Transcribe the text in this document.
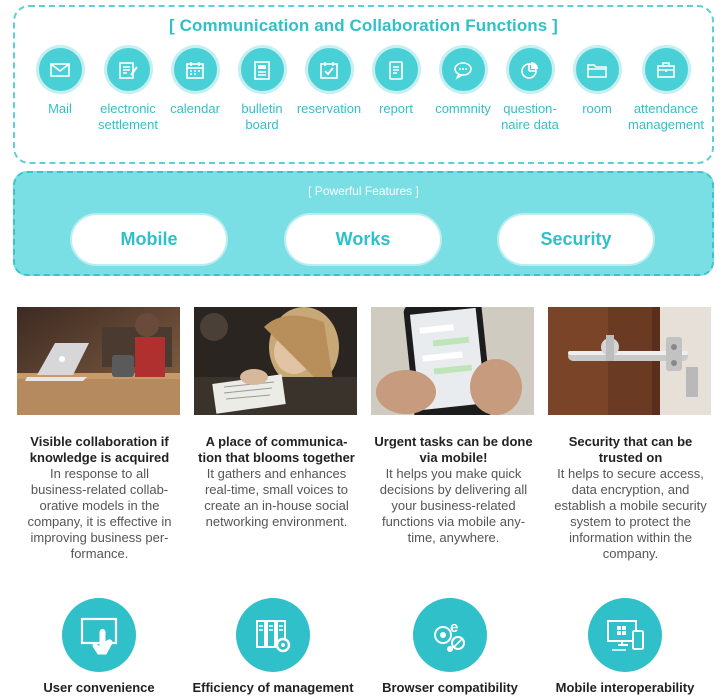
[ Communication and Collaboration Functions ]
Mail	electronic
settlement
calendar	bulletin
board
reservation	report	commnity question-
naire data
room	attendance
management
[ Powerful Features ]
Mobile	Works	Security
Visible collaboration if
knowledge is acquired
In response to all
business-related collab-
orative models in the
company, it is effective in
improving business per-
formance.
A place of communica-
tion that blooms together
It gathers and enhances
real-time, small voices to
create an in-house social
networking environment.
Urgent tasks can be done
via mobile!
It helps you make quick
decisions by delivering all
your business-related
functions via mobile any-
time, anywhere.
Security that can be
trusted on
It helps to secure access,
data encryption, and
establish a mobile security
system to protect the
information within the
company.
User convenience	Efficiency of management
e
Browser compatibility	Mobile interoperability
